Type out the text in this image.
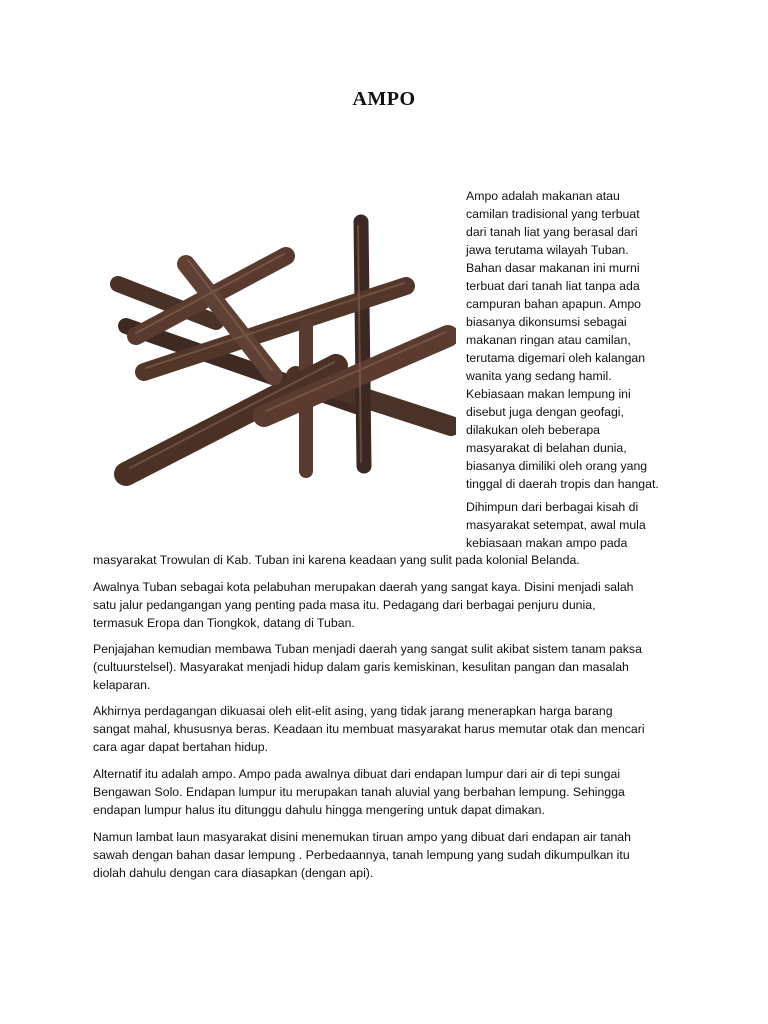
AMPO
Ampo adalah makanan atau
camilan tradisional yang terbuat
dari tanah liat yang berasal dari
jawa terutama wilayah Tuban.
Bahan dasar makanan ini murni
terbuat dari tanah liat tanpa ada
campuran bahan apapun. Ampo
biasanya dikonsumsi sebagai
makanan ringan atau camilan,
terutama digemari oleh kalangan
wanita yang sedang hamil.
Kebiasaan makan lempung ini
disebut juga dengan geofagi,
dilakukan oleh beberapa
masyarakat di belahan dunia,
biasanya dimiliki oleh orang yang
tinggal di daerah tropis dan hangat.
Dihimpun dari berbagai kisah di
masyarakat setempat, awal mula
kebiasaan makan ampo pada
masyarakat Trowulan di Kab. Tuban ini karena keadaan yang sulit pada kolonial Belanda.
Awalnya Tuban sebagai kota pelabuhan merupakan daerah yang sangat kaya. Disini menjadi salah
satu jalur pedangangan yang penting pada masa itu. Pedagang dari berbagai penjuru dunia,
termasuk Eropa dan Tiongkok, datang di Tuban.
Penjajahan kemudian membawa Tuban menjadi daerah yang sangat sulit akibat sistem tanam paksa
(cultuurstelsel). Masyarakat menjadi hidup dalam garis kemiskinan, kesulitan pangan dan masalah
kelaparan.
Akhirnya perdagangan dikuasai oleh elit-elit asing, yang tidak jarang menerapkan harga barang
sangat mahal, khususnya beras. Keadaan itu membuat masyarakat harus memutar otak dan mencari
cara agar dapat bertahan hidup.
Alternatif itu adalah ampo. Ampo pada awalnya dibuat dari endapan lumpur dari air di tepi sungai
Bengawan Solo. Endapan lumpur itu merupakan tanah aluvial yang berbahan lempung. Sehingga
endapan lumpur halus itu ditunggu dahulu hingga mengering untuk dapat dimakan.
Namun lambat laun masyarakat disini menemukan tiruan ampo yang dibuat dari endapan air tanah
sawah dengan bahan dasar lempung . Perbedaannya, tanah lempung yang sudah dikumpulkan itu
diolah dahulu dengan cara diasapkan (dengan api).
